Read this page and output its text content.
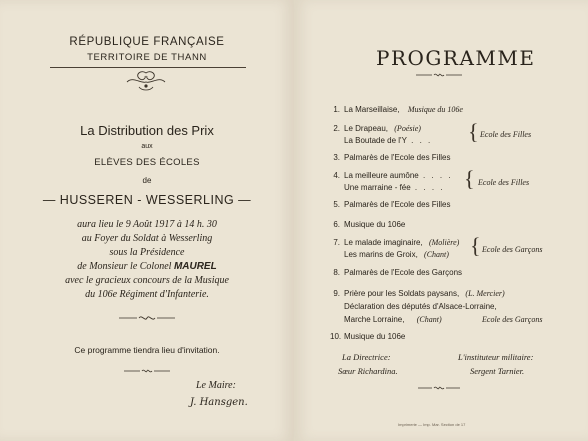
RÉPUBLIQUE FRANÇAISE
TERRITOIRE DE THANN
La Distribution des Prix
aux
ELÈVES DES ÉCOLES
de
— HUSSEREN - WESSERLING —
aura lieu le 9 Août 1917 à 14 h. 30
au Foyer du Soldat à Wesserling
sous la Présidence
de Monsieur le Colonel MAUREL
avec le gracieux concours de la Musique
du 106e Régiment d'Infanterie.
Ce programme tiendra lieu d'invitation.
Le Maire:
J. Hansgen.
PROGRAMME
1. La Marseillaise, Musique du 106e
2. Le Drapeau, (Poésie)
La Boutade de l'Y . . . { Ecole des Filles
3. Palmarès de l'Ecole des Filles
4. La meilleure aumône . . . .
Une marraine - fée . . . . { Ecole des Filles
5. Palmarès de l'Ecole des Filles
6. Musique du 106e
7. Le malade imaginaire, (Molière)
Les marins de Groix, (Chant) { Ecole des Garçons
8. Palmarès de l'Ecole des Garçons
9. Prière pour les Soldats paysans, (L. Mercier)
Déclaration des députés d'Alsace-Lorraine,
Marche Lorraine, (Chant)	Ecole des Garçons
10. Musique du 106e
La Directrice:
Sœur Richardina.
L'instituteur militaire:
Sergent Tarnier.
Imprimerie — Imp. Mar. Section de 17
